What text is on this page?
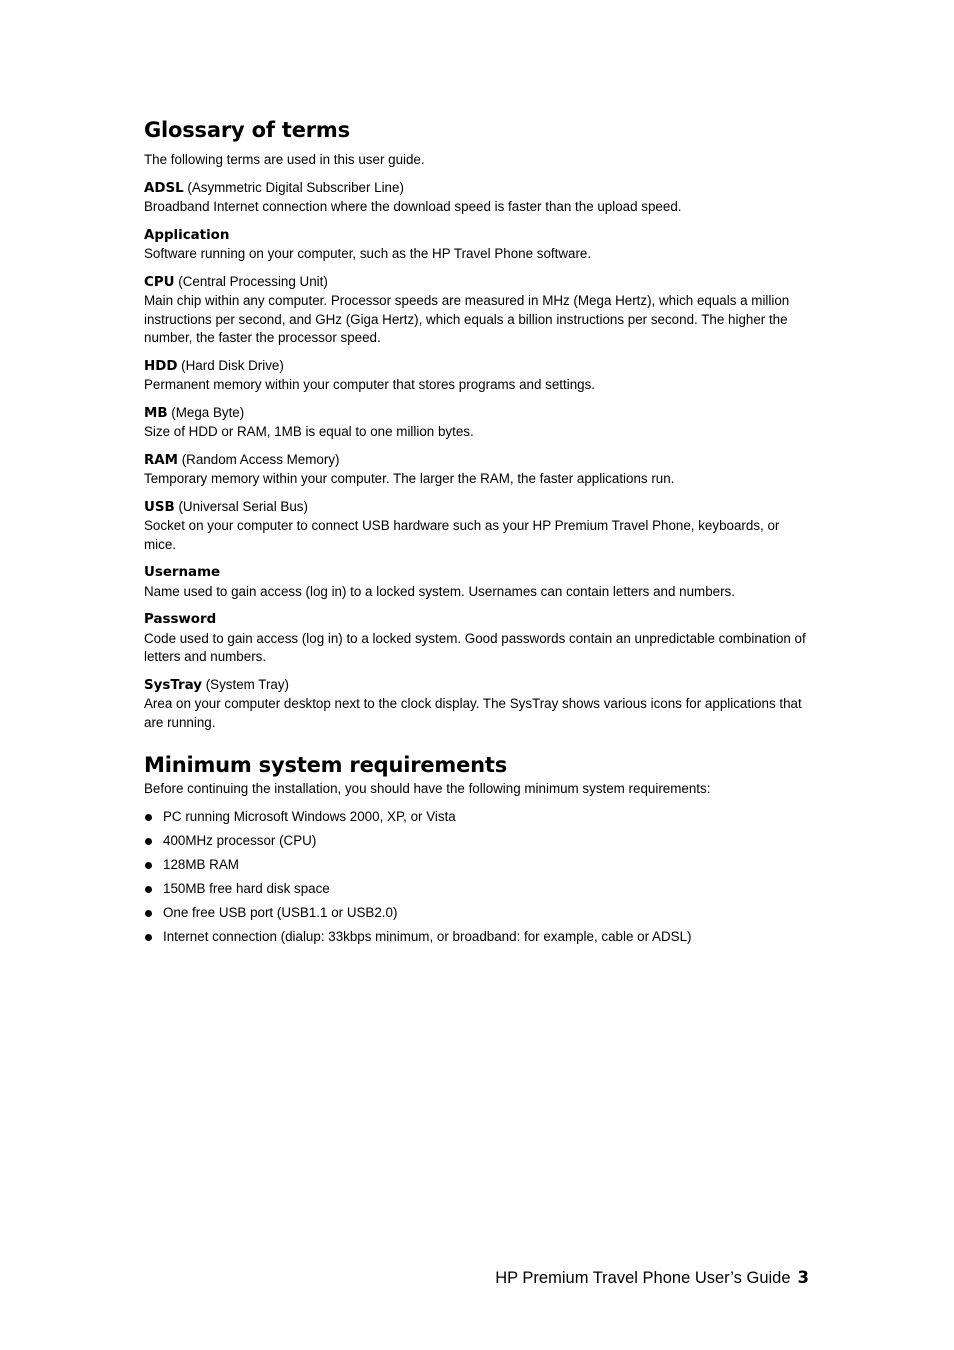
Glossary of terms

The following terms are used in this user guide.

ADSL (Asymmetric Digital Subscriber Line)
Broadband Internet connection where the download speed is faster than the upload speed.
Application
Software running on your computer, such as the HP Travel Phone software.
CPU (Central Processing Unit)
Main chip within any computer. Processor speeds are measured in MHz (Mega Hertz), which equals a million instructions per second, and GHz (Giga Hertz), which equals a billion instructions per second. The higher the number, the faster the processor speed.
HDD (Hard Disk Drive)
Permanent memory within your computer that stores programs and settings.
MB (Mega Byte)
Size of HDD or RAM, 1MB is equal to one million bytes.
RAM (Random Access Memory)
Temporary memory within your computer. The larger the RAM, the faster applications run.
USB (Universal Serial Bus)
Socket on your computer to connect USB hardware such as your HP Premium Travel Phone, keyboards, or mice.
Username
Name used to gain access (log in) to a locked system. Usernames can contain letters and numbers.
Password
Code used to gain access (log in) to a locked system. Good passwords contain an unpredictable combination of letters and numbers.
SysTray (System Tray)
Area on your computer desktop next to the clock display. The SysTray shows various icons for applications that are running.
Minimum system requirements

Before continuing the installation, you should have the following minimum system requirements:

PC running Microsoft Windows 2000, XP, or Vista
400MHz processor (CPU)
128MB RAM
150MB free hard disk space
One free USB port (USB1.1 or USB2.0)
Internet connection (dialup: 33kbps minimum, or broadband: for example, cable or ADSL)
HP Premium Travel Phone User’s Guide 3
